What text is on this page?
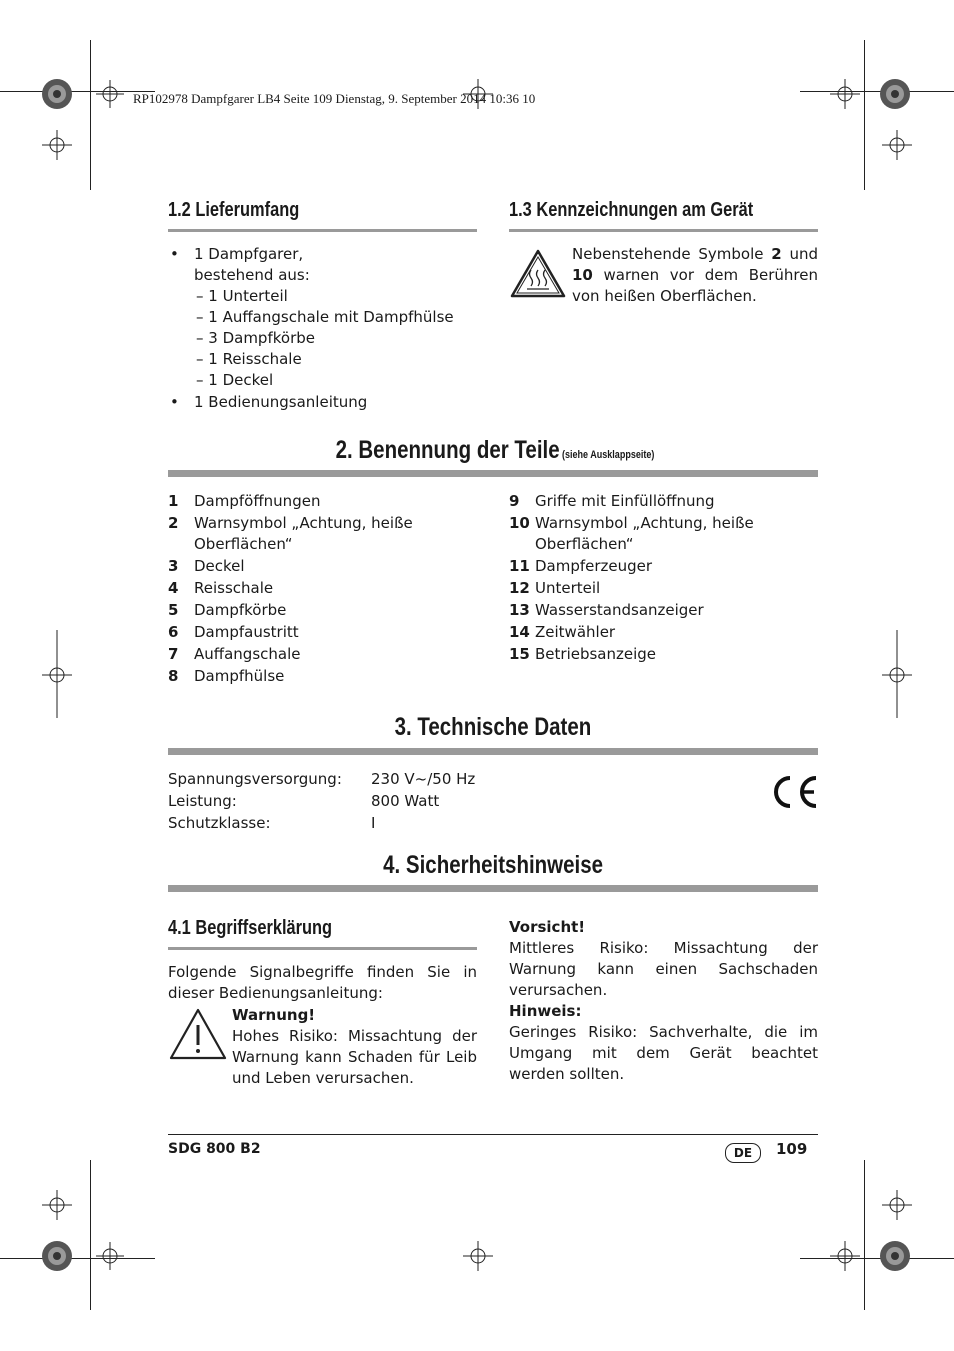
RP102978 Dampfgarer LB4 Seite 109 Dienstag, 9. September 2014 10:36 10
1.2 Lieferumfang
• 1 Dampfgarer,
bestehend aus:
– 1 Unterteil
– 1 Auffangschale mit Dampfhülse
– 3 Dampfkörbe
– 1 Reisschale
– 1 Deckel
• 1 Bedienungsanleitung
1.3 Kennzeichnungen am Gerät
Nebenstehende Symbole 2 und 10 warnen vor dem Berühren von heißen Oberflächen.
2. Benennung der Teile (siehe Ausklappseite)
1	Dampföffnungen
2	Warnsymbol „Achtung, heiße Oberflächen“
3	Deckel
4	Reisschale
5	Dampfkörbe
6	Dampfaustritt
7	Auffangschale
8	Dampfhülse
9	Griffe mit Einfüllöffnung
10 Warnsymbol „Achtung, heiße Oberflächen“
11 Dampferzeuger
12 Unterteil
13 Wasserstandsanzeiger
14 Zeitwähler
15 Betriebsanzeige
3. Technische Daten
Spannungsversorgung:	230 V~/50 Hz
Leistung:	800 Watt
Schutzklasse:	I
4. Sicherheitshinweise
4.1 Begriffserklärung
Folgende Signalbegriffe finden Sie in dieser Bedienungsanleitung:
Warnung!
Hohes Risiko: Missachtung der Warnung kann Schaden für Leib und Leben verursachen.
Vorsicht!
Mittleres Risiko: Missachtung der Warnung kann einen Sachschaden verursachen.
Hinweis:
Geringes Risiko: Sachverhalte, die im Umgang mit dem Gerät beachtet werden sollten.
SDG 800 B2	DE	109
